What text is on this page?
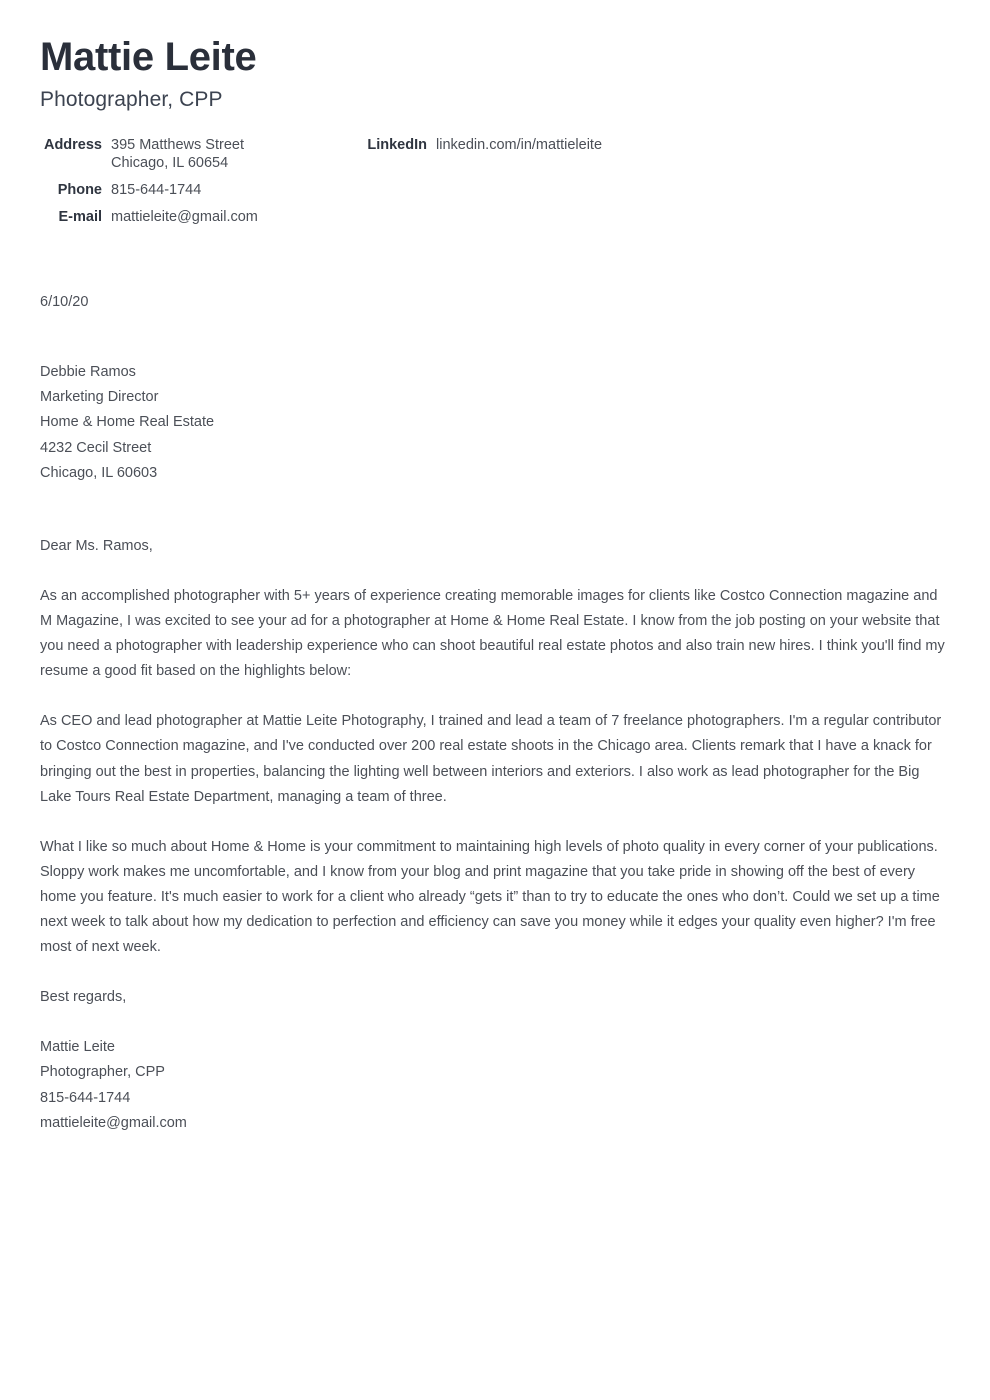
Mattie Leite
Photographer, CPP
Address 395 Matthews Street
Chicago, IL 60654
Phone 815-644-1744
E-mail mattieleite@gmail.com
LinkedIn linkedin.com/in/mattieleite
6/10/20
Debbie Ramos
Marketing Director
Home & Home Real Estate
4232 Cecil Street
Chicago, IL 60603
Dear Ms. Ramos,

As an accomplished photographer with 5+ years of experience creating memorable images for clients like Costco Connection magazine and M Magazine, I was excited to see your ad for a photographer at Home & Home Real Estate. I know from the job posting on your website that you need a photographer with leadership experience who can shoot beautiful real estate photos and also train new hires. I think you'll find my resume a good fit based on the highlights below:

As CEO and lead photographer at Mattie Leite Photography, I trained and lead a team of 7 freelance photographers. I'm a regular contributor to Costco Connection magazine, and I've conducted over 200 real estate shoots in the Chicago area. Clients remark that I have a knack for bringing out the best in properties, balancing the lighting well between interiors and exteriors. I also work as lead photographer for the Big Lake Tours Real Estate Department, managing a team of three.

What I like so much about Home & Home is your commitment to maintaining high levels of photo quality in every corner of your publications. Sloppy work makes me uncomfortable, and I know from your blog and print magazine that you take pride in showing off the best of every home you feature. It's much easier to work for a client who already “gets it” than to try to educate the ones who don’t. Could we set up a time next week to talk about how my dedication to perfection and efficiency can save you money while it edges your quality even higher? I'm free most of next week.

Best regards,
Mattie Leite
Photographer, CPP
815-644-1744
mattieleite@gmail.com
